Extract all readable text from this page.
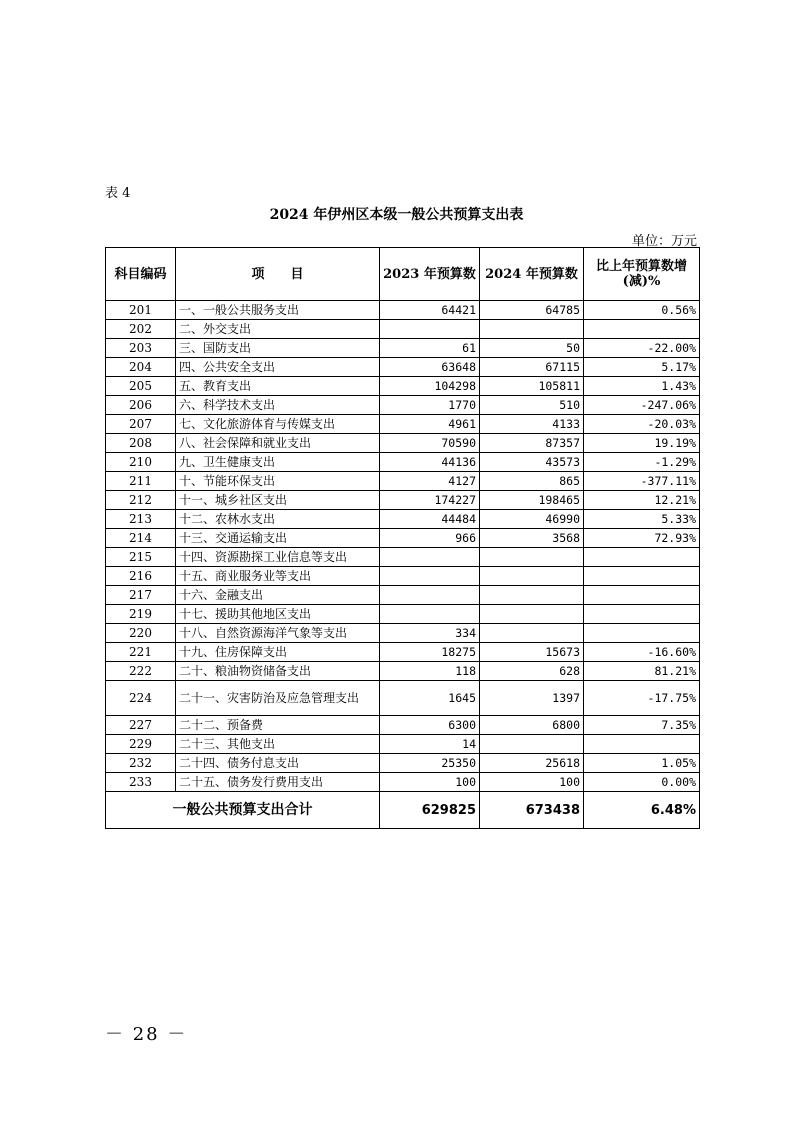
表 4
2024 年伊州区本级一般公共预算支出表
单位：万元
科目编码	项　　目	2023 年预算数	2024 年预算数	比上年预算数增(减)%
201	一、一般公共服务支出	64421	64785	0.56%
202	二、外交支出			
203	三、国防支出	61	50	-22.00%
204	四、公共安全支出	63648	67115	5.17%
205	五、教育支出	104298	105811	1.43%
206	六、科学技术支出	1770	510	-247.06%
207	七、文化旅游体育与传媒支出	4961	4133	-20.03%
208	八、社会保障和就业支出	70590	87357	19.19%
210	九、卫生健康支出	44136	43573	-1.29%
211	十、节能环保支出	4127	865	-377.11%
212	十一、城乡社区支出	174227	198465	12.21%
213	十二、农林水支出	44484	46990	5.33%
214	十三、交通运输支出	966	3568	72.93%
215	十四、资源勘探工业信息等支出			
216	十五、商业服务业等支出			
217	十六、金融支出			
219	十七、援助其他地区支出			
220	十八、自然资源海洋气象等支出	334		
221	十九、住房保障支出	18275	15673	-16.60%
222	二十、粮油物资储备支出	118	628	81.21%
224	二十一、灾害防治及应急管理支出	1645	1397	-17.75%
227	二十二、预备费	6300	6800	7.35%
229	二十三、其他支出	14		
232	二十四、债务付息支出	25350	25618	1.05%
233	二十五、债务发行费用支出	100	100	0.00%
一般公共预算支出合计		629825	673438	6.48%
－ 28 －
